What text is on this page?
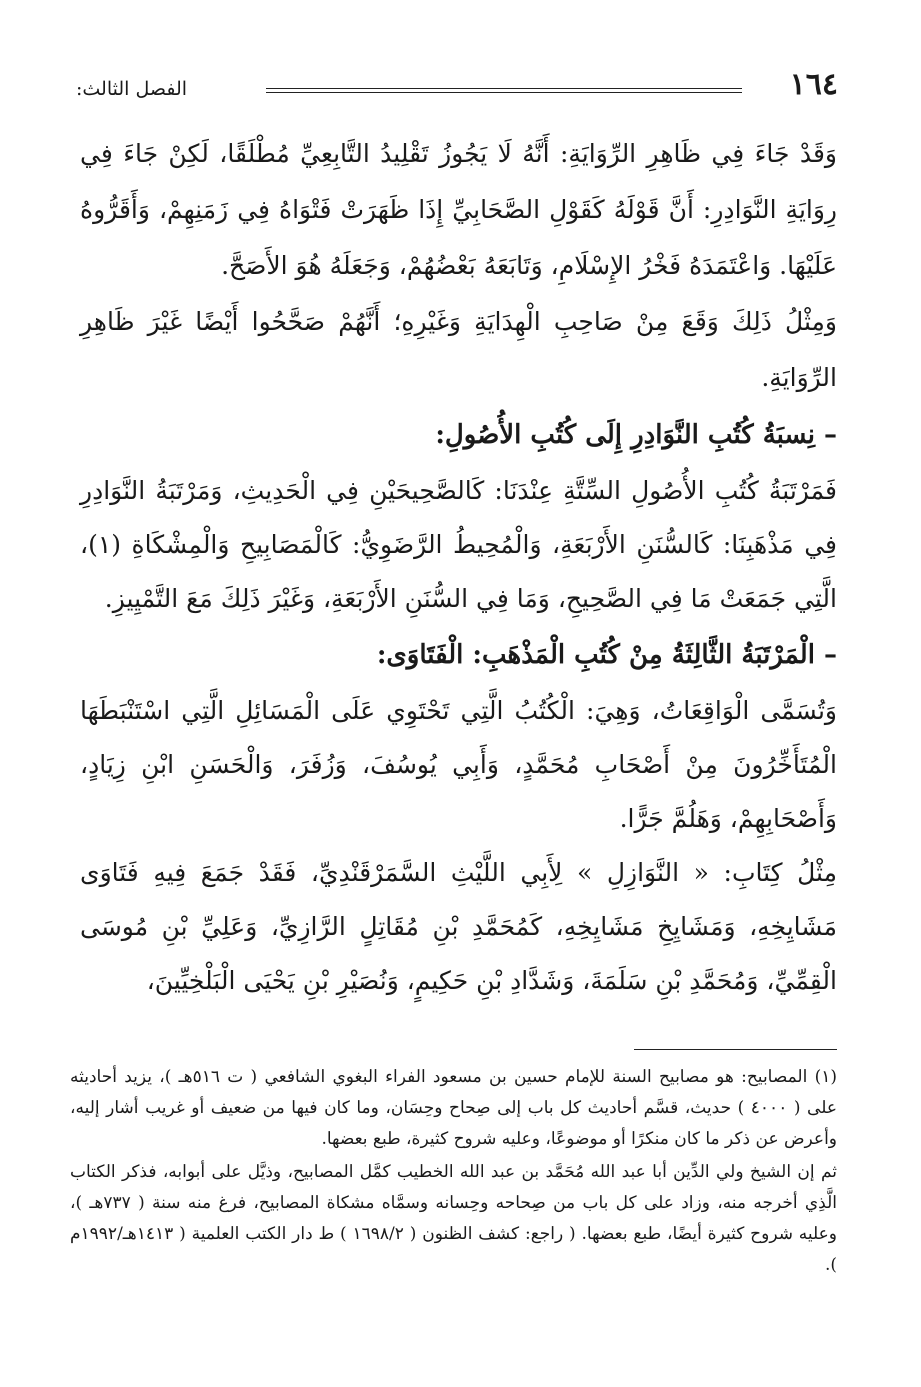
١٦٤
الفصل الثالث:

وَقَدْ جَاءَ فِي ظَاهِرِ الرِّوَايَةِ: أَنَّهُ لَا يَجُوزُ تَقْلِيدُ التَّابِعِيِّ مُطْلَقًا، لَكِنْ جَاءَ فِي رِوَايَةِ النَّوَادِرِ: أَنَّ قَوْلَهُ كَقَوْلِ الصَّحَابِيِّ إِذَا ظَهَرَتْ فَتْوَاهُ فِي زَمَنِهِمْ، وَأَقَرُّوهُ عَلَيْهَا. وَاعْتَمَدَهُ فَخْرُ الإِسْلَامِ، وَتَابَعَهُ بَعْضُهُمْ، وَجَعَلَهُ هُوَ الأَصَحَّ.

وَمِثْلُ ذَلِكَ وَقَعَ مِنْ صَاحِبِ الْهِدَايَةِ وَغَيْرِهِ؛ أَنَّهُمْ صَحَّحُوا أَيْضًا غَيْرَ ظَاهِرِ الرِّوَايَةِ.

– نِسبَةُ كُتُبِ النَّوَادِرِ إِلَى كُتُبِ الأُصُولِ:

فَمَرْتَبَةُ كُتُبِ الأُصُولِ السِّتَّةِ عِنْدَنَا: كَالصَّحِيحَيْنِ فِي الْحَدِيثِ، وَمَرْتَبَةُ النَّوَادِرِ فِي مَذْهَبِنَا: كَالسُّنَنِ الأَرْبَعَةِ، وَالْمُحِيطُ الرَّضَوِيُّ: كَالْمَصَابِيحِ وَالْمِشْكَاةِ (١)، الَّتِي جَمَعَتْ مَا فِي الصَّحِيحِ، وَمَا فِي السُّنَنِ الأَرْبَعَةِ، وَغَيْرَ ذَلِكَ مَعَ التَّمْيِيزِ.

– الْمَرْتَبَةُ الثَّالِثَةُ مِنْ كُتُبِ الْمَذْهَبِ: الْفَتَاوَى:

وَتُسَمَّى الْوَاقِعَاتُ، وَهِيَ: الْكُتُبُ الَّتِي تَحْتَوِي عَلَى الْمَسَائِلِ الَّتِي اسْتَنْبَطَهَا الْمُتَأَخِّرُونَ مِنْ أَصْحَابِ مُحَمَّدٍ، وَأَبِي يُوسُفَ، وَزُفَرَ، وَالْحَسَنِ ابْنِ زِيَادٍ، وَأَصْحَابِهِمْ، وَهَلُمَّ جَرًّا.

مِثْلُ كِتَابِ: « النَّوَازِلِ » لِأَبِي اللَّيْثِ السَّمَرْقَنْدِيِّ، فَقَدْ جَمَعَ فِيهِ فَتَاوَى مَشَايِخِهِ، وَمَشَايِخِ مَشَايِخِهِ، كَمُحَمَّدِ بْنِ مُقَاتِلٍ الرَّازِيِّ، وَعَلِيِّ بْنِ مُوسَى الْقِمِّيِّ، وَمُحَمَّدِ بْنِ سَلَمَةَ، وَشَدَّادِ بْنِ حَكِيمٍ، وَنُصَيْرِ بْنِ يَحْيَى الْبَلْخِيِّينَ،

(١) المصابيح: هو مصابيح السنة للإمام حسين بن مسعود الفراء البغوي الشافعي ( ت ٥١٦هـ )، يزيد أحاديثه على ( ٤٠٠٠ ) حديث، قسَّم أحاديث كل باب إلى صِحاح وحِسَان، وما كان فيها من ضعيف أو غريب أشار إليه، وأعرض عن ذكر ما كان منكرًا أو موضوعًا، وعليه شروح كثيرة، طبع بعضها.

ثم إن الشيخ ولي الدِّين أبا عبد الله مُحَمَّد بن عبد الله الخطيب كمَّل المصابيح، وذيَّل على أبوابه، فذكر الكتاب الَّذِي أخرجه منه، وزاد على كل باب من صِحاحه وحِسانه وسمَّاه مشكاة المصابيح، فرغ منه سنة ( ٧٣٧هـ )، وعليه شروح كثيرة أيضًا، طبع بعضها. ( راجع: كشف الظنون ( ١٦٩٨/٢ ) ط دار الكتب العلمية ( ١٤١٣هـ/١٩٩٢م ).
